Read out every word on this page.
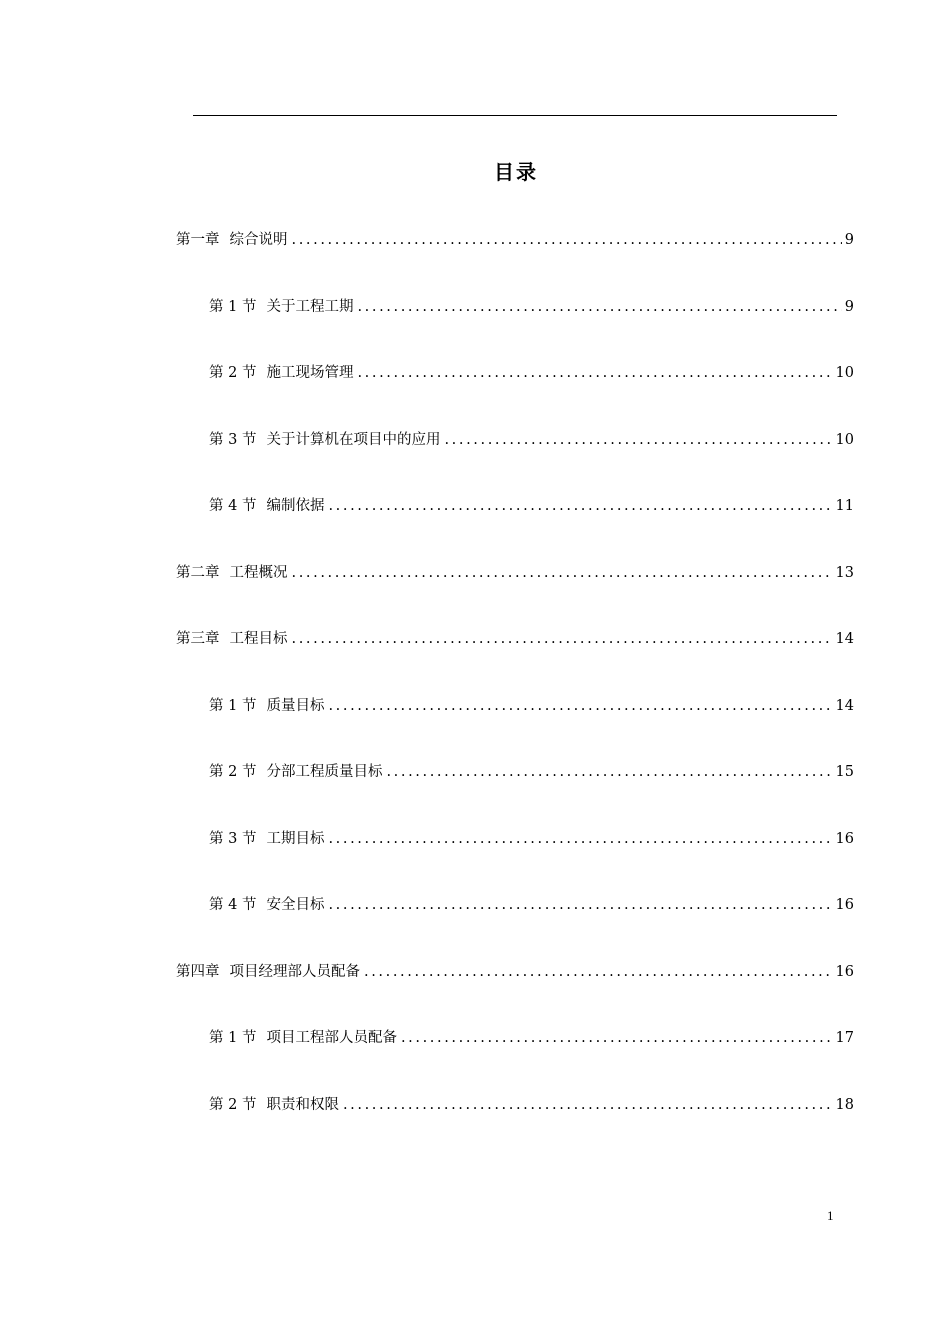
目录
第一章 综合说明 .....	9
第 1 节 关于工程工期 .....	9
第 2 节 施工现场管理 .....	10
第 3 节 关于计算机在项目中的应用 .....	10
第 4 节 编制依据 .....	11
第二章 工程概况 .....	13
第三章 工程目标 .....	14
第 1 节 质量目标 .....	14
第 2 节 分部工程质量目标 .....	15
第 3 节 工期目标 .....	16
第 4 节 安全目标 .....	16
第四章 项目经理部人员配备 .....	16
第 1 节 项目工程部人员配备 .....	17
第 2 节 职责和权限 .....	18
1
